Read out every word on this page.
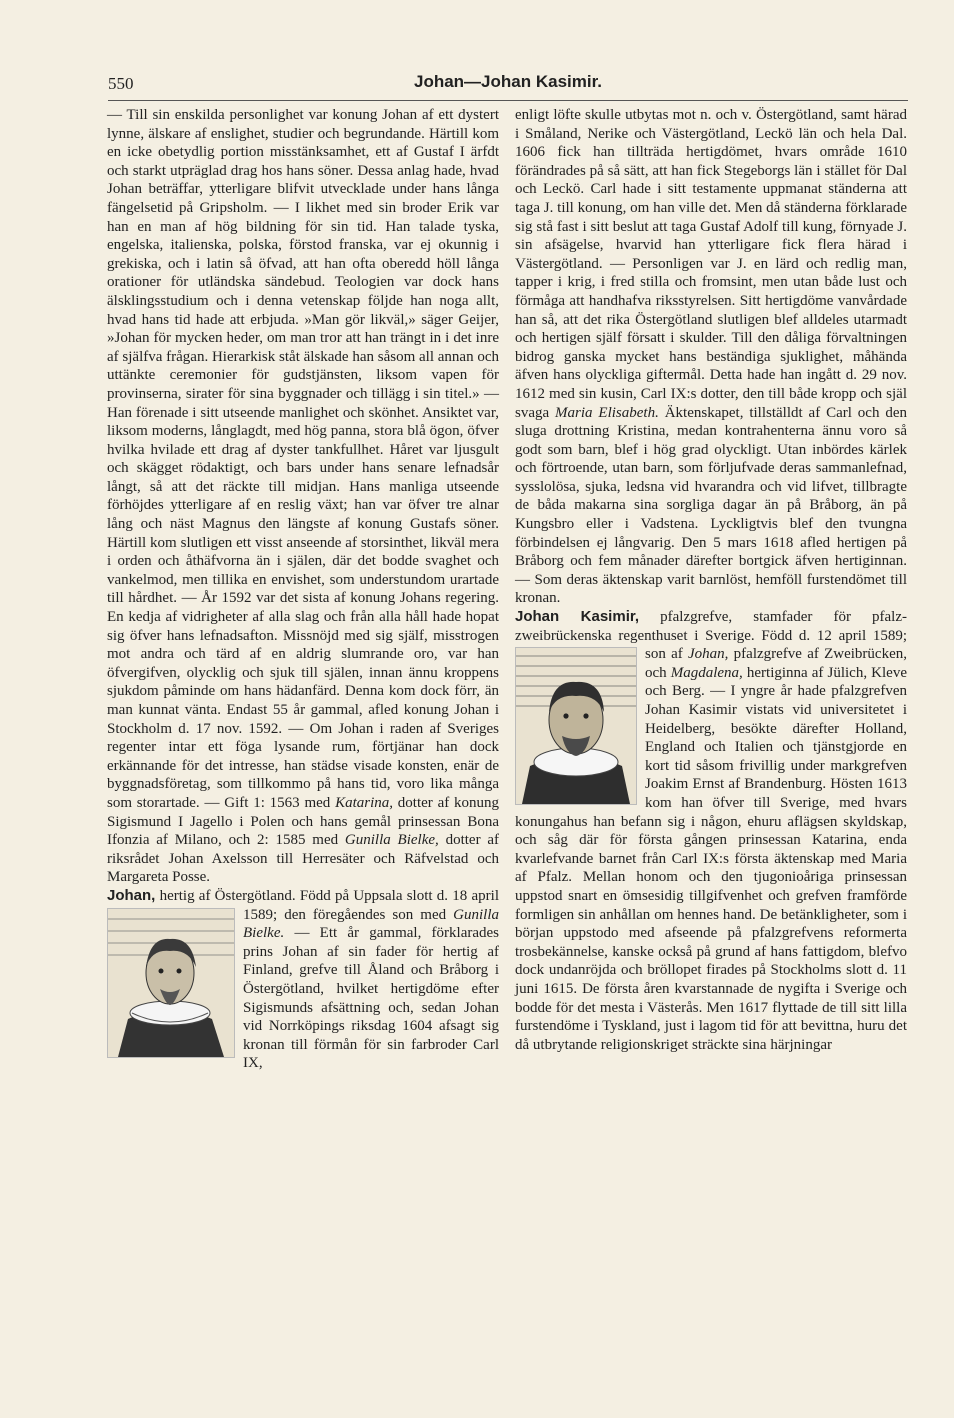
550	Johan—Johan Kasimir.

— Till sin enskilda personlighet var konung Johan af ett dystert lynne, älskare af enslighet, studier och begrundande. Härtill kom en icke obetydlig portion misstänksamhet, ett af Gustaf I ärfdt och starkt utpräglad drag hos hans söner. Dessa anlag hade, hvad Johan beträffar, ytterligare blifvit utvecklade under hans långa fängelsetid på Gripsholm. — I likhet med sin broder Erik var han en man af hög bildning för sin tid. Han talade tyska, engelska, italienska, polska, förstod franska, var ej okunnig i grekiska, och i latin så öfvad, att han ofta oberedd höll långa orationer för utländska sändebud. Teologien var dock hans älsklingsstudium och i denna vetenskap följde han noga allt, hvad hans tid hade att erbjuda. »Man gör likväl,» säger Geijer, »Johan för mycken heder, om man tror att han trängt in i det inre af själfva frågan. Hierarkisk ståt älskade han såsom all annan och uttänkte ceremonier för gudstjänsten, liksom vapen för provinserna, sirater för sina byggnader och tillägg i sin titel.» — Han förenade i sitt utseende manlighet och skönhet. Ansiktet var, liksom moderns, långlagdt, med hög panna, stora blå ögon, öfver hvilka hvilade ett drag af dyster tankfullhet. Håret var ljusgult och skägget rödaktigt, och bars under hans senare lefnadsår långt, så att det räckte till midjan. Hans manliga utseende förhöjdes ytterligare af en reslig växt; han var öfver tre alnar lång och näst Magnus den längste af konung Gustafs söner. Härtill kom slutligen ett visst anseende af storsinthet, likväl mera i orden och åthäfvorna än i själen, där det bodde svaghet och vankelmod, men tillika en envishet, som understundom urartade till hårdhet. — År 1592 var det sista af konung Johans regering. En kedja af vidrigheter af alla slag och från alla håll hade hopat sig öfver hans lefnadsafton. Missnöjd med sig själf, misstrogen mot andra och tärd af en aldrig slumrande oro, var han öfvergifven, olycklig och sjuk till själen, innan ännu kroppens sjukdom påminde om hans hädanfärd. Denna kom dock förr, än man kunnat vänta. Endast 55 år gammal, afled konung Johan i Stockholm d. 17 nov. 1592. — Om Johan i raden af Sveriges regenter intar ett föga lysande rum, förtjänar han dock erkännande för det intresse, han städse visade konsten, enär de byggnadsföretag, som tillkommo på hans tid, voro lika många som storartade. — Gift 1: 1563 med Katarina, dotter af konung Sigismund I Jagello i Polen och hans gemål prinsessan Bona Ifonzia af Milano, och 2: 1585 med Gunilla Bielke, dotter af riksrådet Johan Axelsson till Herresäter och Räfvelstad och Margareta Posse.

Johan, hertig af Östergötland. Född på Uppsala slott d. 18 april 1589; den föregåendes son med
Gunilla Bielke. — Ett år gammal, förklarades prins Johan af sin fader för hertig af Finland, grefve till Åland och Bråborg i Östergötland, hvilket hertigdöme efter Sigismunds afsättning och, sedan Johan vid Norrköpings riksdag 1604 afsagt sig kronan till förmån för sin farbroder Carl IX,

enligt löfte skulle utbytas mot n. och v. Östergötland, samt härad i Småland, Nerike och Västergötland, Leckö län och hela Dal. 1606 fick han tillträda hertigdömet, hvars område 1610 förändrades på så sätt, att han fick Stegeborgs län i stället för Dal och Leckö. Carl hade i sitt testamente uppmanat ständerna att taga J. till konung, om han ville det. Men då ständerna förklarade sig stå fast i sitt beslut att taga Gustaf Adolf till kung, förnyade J. sin afsägelse, hvarvid han ytterligare fick flera härad i Västergötland. — Personligen var J. en lärd och redlig man, tapper i krig, i fred stilla och fromsint, men utan både lust och förmåga att handhafva riksstyrelsen. Sitt hertigdöme vanvårdade han så, att det rika Östergötland slutligen blef alldeles utarmadt och hertigen själf försatt i skulder. Till den dåliga förvaltningen bidrog ganska mycket hans beständiga sjuklighet, måhända äfven hans olyckliga giftermål. Detta hade han ingått d. 29 nov. 1612 med sin kusin, Carl IX:s dotter, den till både kropp och själ svaga Maria Elisabeth. Äktenskapet, tillställdt af Carl och den sluga drottning Kristina, medan kontrahenterna ännu voro så godt som barn, blef i hög grad olyckligt. Utan inbördes kärlek och förtroende, utan barn, som förljufvade deras sammanlefnad, sysslolösa, sjuka, ledsna vid hvarandra och vid lifvet, tillbragte de båda makarna sina sorgliga dagar än på Bråborg, än på Kungsbro eller i Vadstena. Lyckligtvis blef den tvungna förbindelsen ej långvarig. Den 5 mars 1618 afled hertigen på Bråborg och fem månader därefter bortgick äfven hertiginnan. — Som deras äktenskap varit barnlöst, hemföll furstendömet till kronan.

Johan Kasimir, pfalzgrefve, stamfader för pfalz-zweibrückenska regenthuset i Sverige. Född d. 12 april 1589; son af
Johan, pfalzgrefve af Zweibrücken, och Magdalena, hertiginna af Jülich, Kleve och Berg. — I yngre år hade pfalzgrefven Johan Kasimir vistats vid universitetet i Heidelberg, besökte därefter Holland, England och Italien och tjänstgjorde en kort tid såsom frivillig under markgrefven Joakim Ernst af Brandenburg. Hösten 1613 kom han öfver till Sverige, med hvars konungahus han befann sig i någon, ehuru aflägsen skyldskap, och såg där för första gången prinsessan Katarina, enda kvarlefvande barnet från Carl IX:s första äktenskap med Maria af Pfalz. Mellan honom och den tjugonioåriga prinsessan uppstod snart en ömsesidig tillgifvenhet och grefven framförde formligen sin anhållan om hennes hand. De betänkligheter, som i början uppstodo med afseende på pfalzgrefvens reformerta trosbekännelse, kanske också på grund af hans fattigdom, blefvo dock undanröjda och bröllopet firades på Stockholms slott d. 11 juni 1615. De första åren kvarstannade de nygifta i Sverige och bodde för det mesta i Västerås. Men 1617 flyttade de till sitt lilla furstendöme i Tyskland, just i lagom tid för att bevittna, huru det då utbrytande religionskriget sträckte sina härjningar
